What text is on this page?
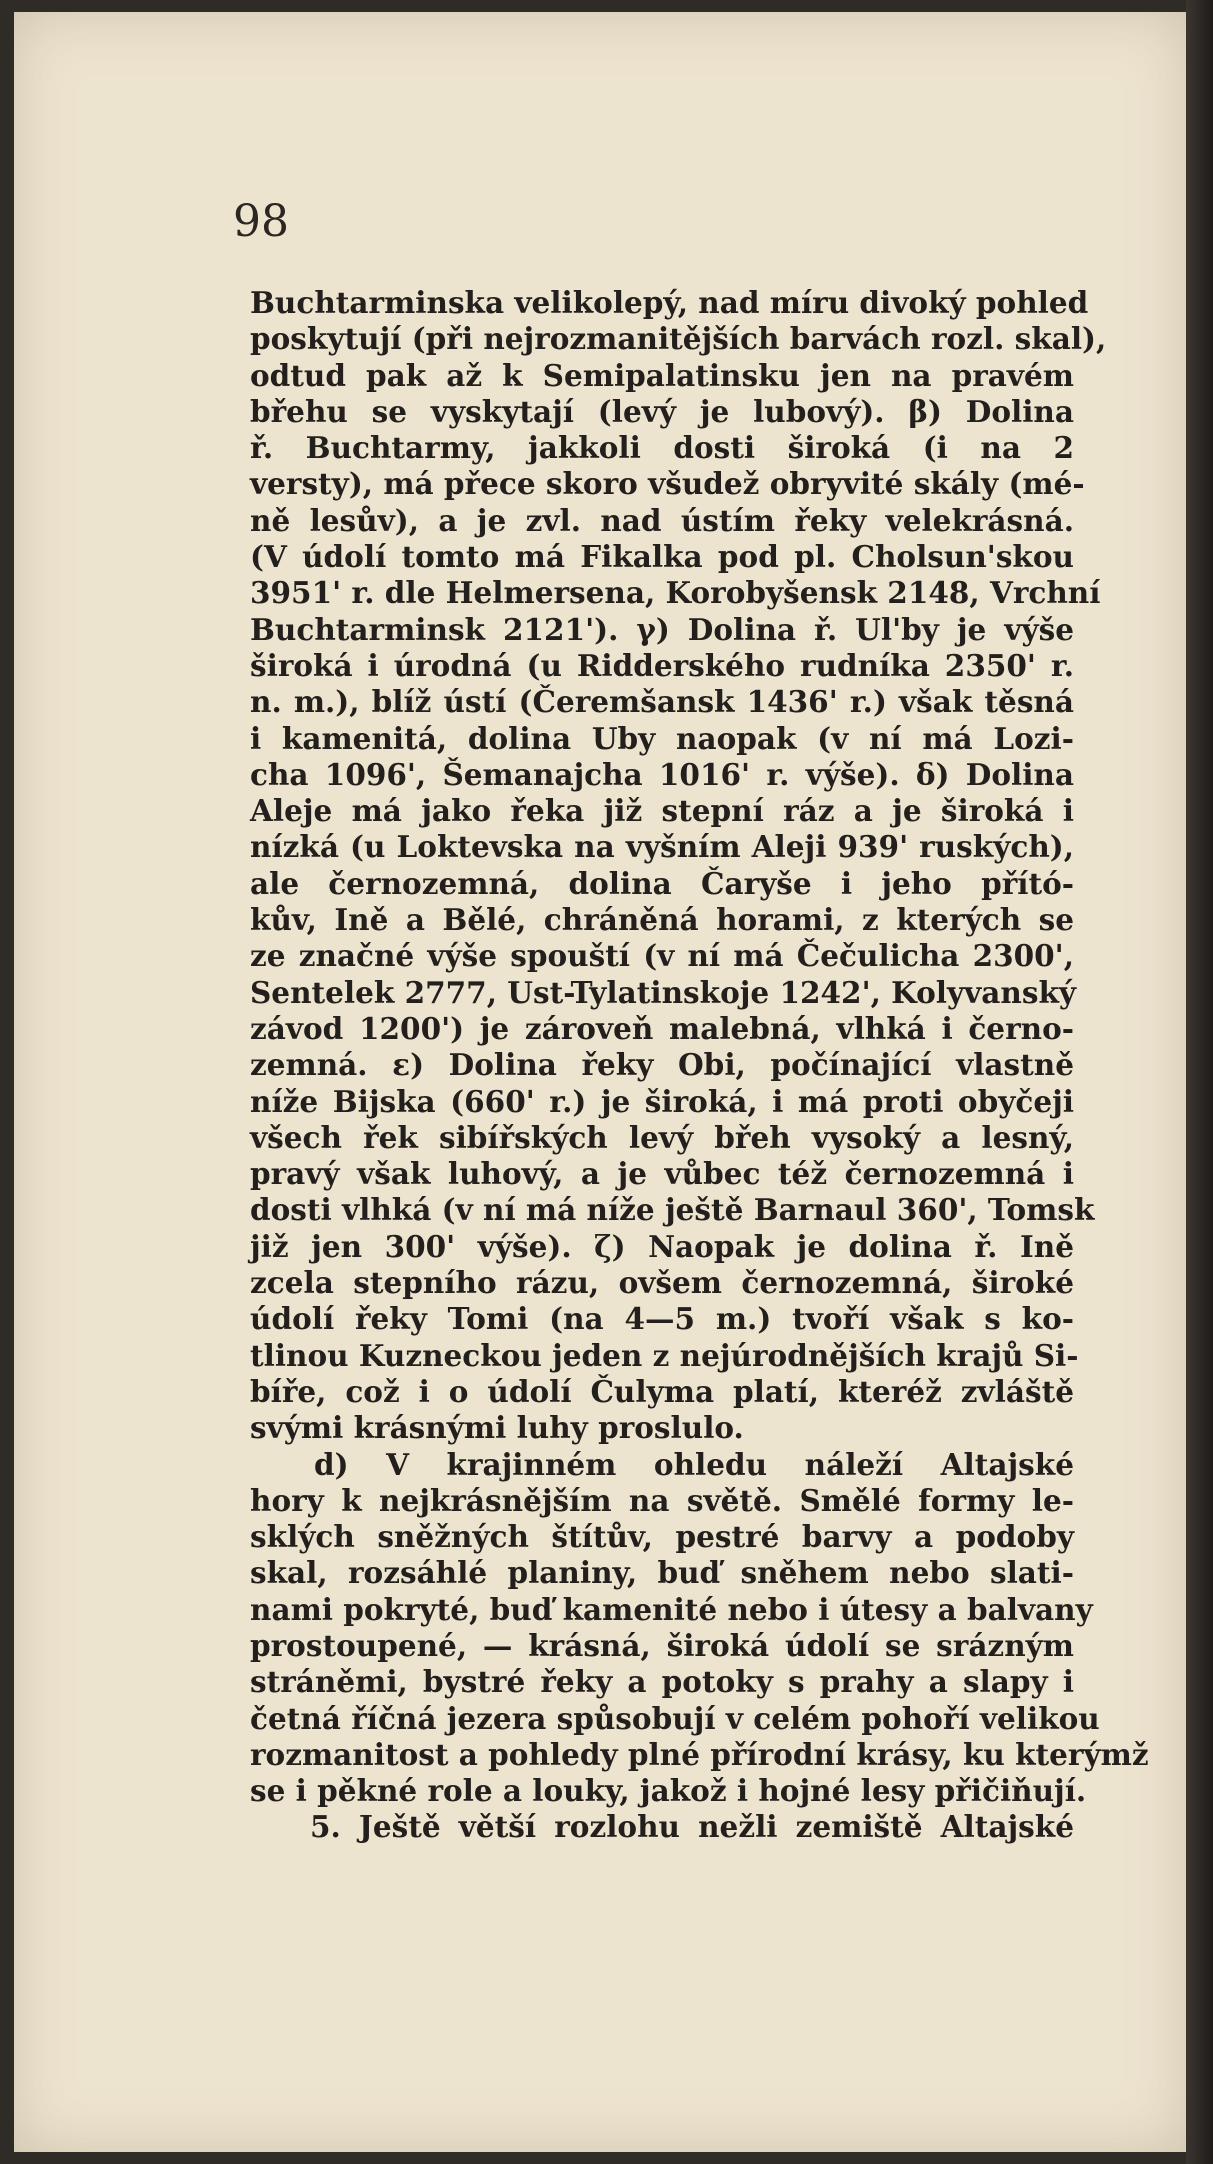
98
Buchtarminska velikolepý, nad míru divoký pohled
poskytují (při nejrozmanitějších barvách rozl. skal),
odtud pak až k Semipalatinsku jen na pravém
břehu se vyskytají (levý je lubový). β) Dolina
ř. Buchtarmy, jakkoli dosti široká (i na 2
versty), má přece skoro všudež obryvité skály (mé-
ně lesův), a je zvl. nad ústím řeky velekrásná.
(V údolí tomto má Fikalka pod pl. Cholsun'skou
3951' r. dle Helmersena, Korobyšensk 2148, Vrchní
Buchtarminsk 2121'). γ) Dolina ř. Ul'by je výše
široká i úrodná (u Ridderského rudníka 2350' r.
n. m.), blíž ústí (Čeremšansk 1436' r.) však těsná
i kamenitá, dolina Uby naopak (v ní má Lozi-
cha 1096', Šemanajcha 1016' r. výše). δ) Dolina
Aleje má jako řeka již stepní ráz a je široká i
nízká (u Loktevska na vyšním Aleji 939' ruských),
ale černozemná, dolina Čaryše i jeho přító-
kův, Ině a Bělé, chráněná horami, z kterých se
ze značné výše spouští (v ní má Čečulicha 2300',
Sentelek 2777, Ust-Tylatinskoje 1242', Kolyvanský
závod 1200') je zároveň malebná, vlhká i černo-
zemná. ε) Dolina řeky Obi, počínající vlastně
níže Bijska (660' r.) je široká, i má proti obyčeji
všech řek sibířských levý břeh vysoký a lesný,
pravý však luhový, a je vůbec též černozemná i
dosti vlhká (v ní má níže ještě Barnaul 360', Tomsk
již jen 300' výše). ζ) Naopak je dolina ř. Ině
zcela stepního rázu, ovšem černozemná, široké
údolí řeky Tomi (na 4—5 m.) tvoří však s ko-
tlinou Kuzneckou jeden z nejúrodnějších krajů Si-
bíře, což i o údolí Čulyma platí, kteréž zvláště
svými krásnými luhy proslulo.
d) V krajinném ohledu náleží Altajské
hory k nejkrásnějším na světě. Smělé formy le-
sklých sněžných štítův, pestré barvy a podoby
skal, rozsáhlé planiny, buď sněhem nebo slati-
nami pokryté, buď kamenité nebo i útesy a balvany
prostoupené, — krásná, široká údolí se srázným
stráněmi, bystré řeky a potoky s prahy a slapy i
četná říčná jezera spůsobují v celém pohoří velikou
rozmanitost a pohledy plné přírodní krásy, ku kterýmž
se i pěkné role a louky, jakož i hojné lesy přičiňují.
5. Ještě větší rozlohu nežli zemiště Altajské
